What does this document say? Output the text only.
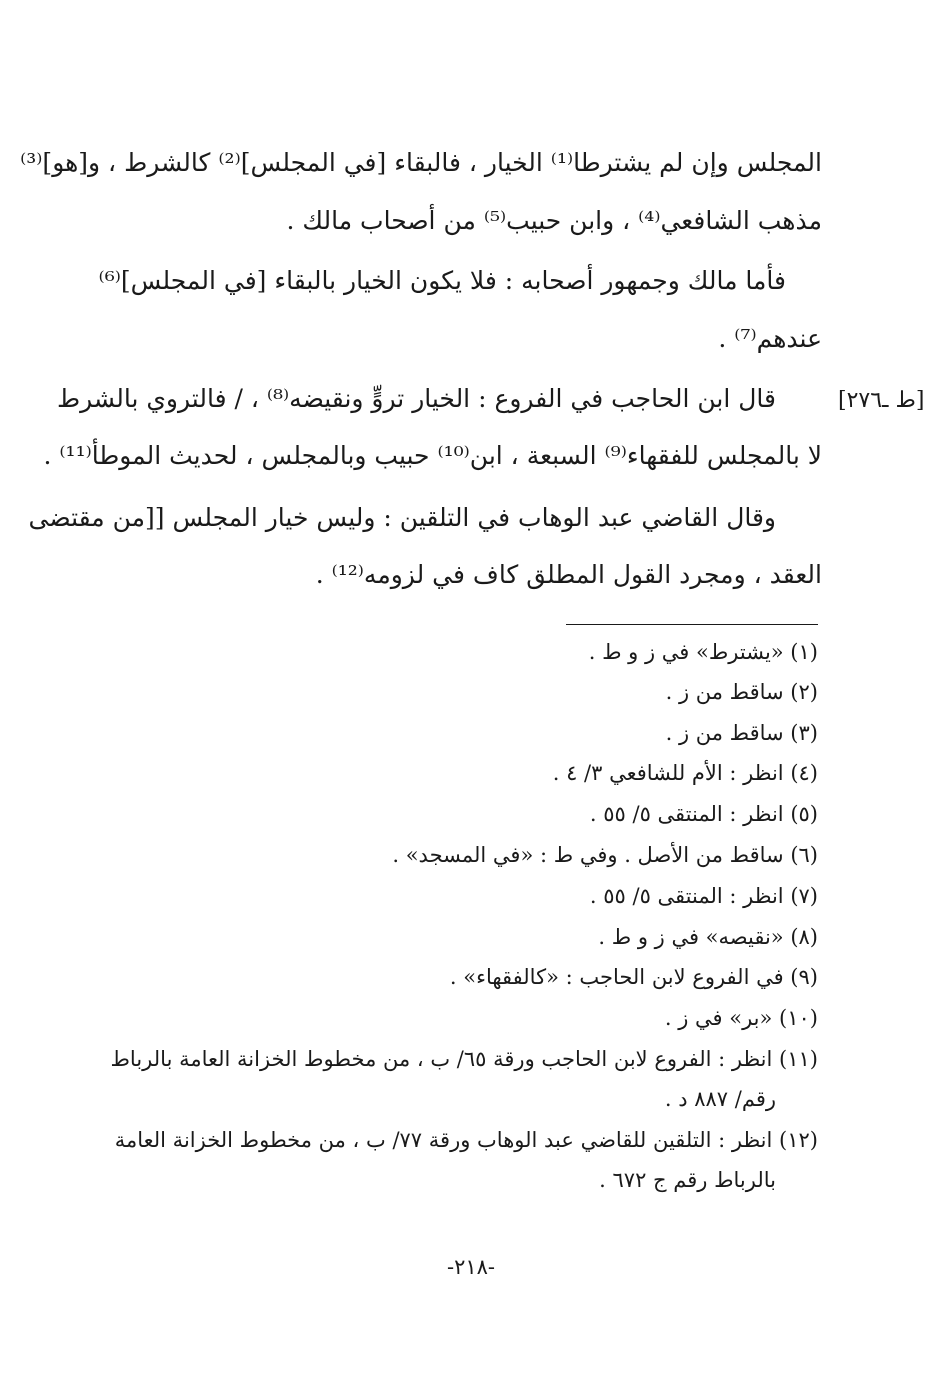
المجلس وإن لم يشترطا⁽¹⁾ الخيار ، فالبقاء [في المجلس]⁽²⁾ كالشرط ، و[هو]⁽³⁾
مذهب الشافعي⁽⁴⁾ ، وابن حبيب⁽⁵⁾ من أصحاب مالك .
فأما مالك وجمهور أصحابه : فلا يكون الخيار بالبقاء [في المجلس]⁽⁶⁾
عندهم⁽⁷⁾ .
قال ابن الحاجب في الفروع : الخيار تروٍّ ونقيضه⁽⁸⁾ ، / فالتروي بالشرط
لا بالمجلس للفقهاء⁽⁹⁾ السبعة ، ابن⁽¹⁰⁾ حبيب وبالمجلس ، لحديث الموطأ⁽¹¹⁾ .
وقال القاضي عبد الوهاب في التلقين : وليس خيار المجلس [[من مقتضى
العقد ، ومجرد القول المطلق كاف في لزومه⁽¹²⁾ .
[ط ـ٢٧٦]
(١) «يشترط» في ز و ط .
(٢) ساقط من ز .
(٣) ساقط من ز .
(٤) انظر : الأم للشافعي ٣/ ٤ .
(٥) انظر : المنتقى ٥/ ٥٥ .
(٦) ساقط من الأصل . وفي ط : «في المسجد» .
(٧) انظر : المنتقى ٥/ ٥٥ .
(٨) «نقيصه» في ز و ط .
(٩) في الفروع لابن الحاجب : «كالفقهاء» .
(١٠) «بر» في ز .
(١١) انظر : الفروع لابن الحاجب ورقة ٦٥/ ب ، من مخطوط الخزانة العامة بالرباط
رقم/ ٨٨٧ د .
(١٢) انظر : التلقين للقاضي عبد الوهاب ورقة ٧٧/ ب ، من مخطوط الخزانة العامة
بالرباط رقم ج ٦٧٢ .
-٢١٨-
